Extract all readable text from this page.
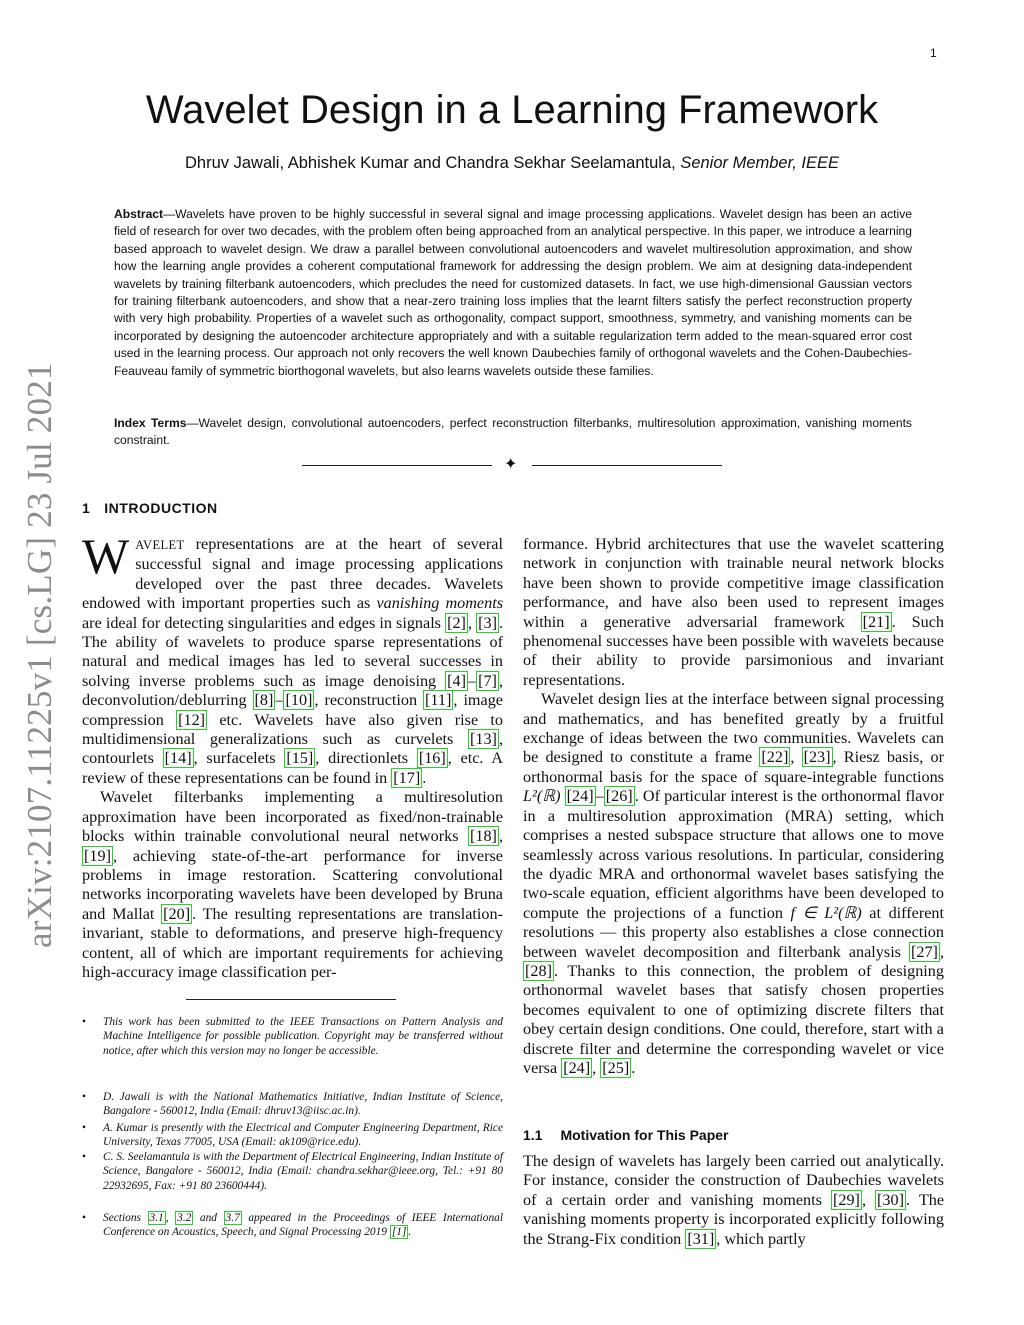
1
Wavelet Design in a Learning Framework
Dhruv Jawali, Abhishek Kumar and Chandra Sekhar Seelamantula, Senior Member, IEEE
arXiv:2107.11225v1 [cs.LG] 23 Jul 2021
Abstract—Wavelets have proven to be highly successful in several signal and image processing applications. Wavelet design has been an active field of research for over two decades, with the problem often being approached from an analytical perspective. In this paper, we introduce a learning based approach to wavelet design. We draw a parallel between convolutional autoencoders and wavelet multiresolution approximation, and show how the learning angle provides a coherent computational framework for addressing the design problem. We aim at designing data-independent wavelets by training filterbank autoencoders, which precludes the need for customized datasets. In fact, we use high-dimensional Gaussian vectors for training filterbank autoencoders, and show that a near-zero training loss implies that the learnt filters satisfy the perfect reconstruction property with very high probability. Properties of a wavelet such as orthogonality, compact support, smoothness, symmetry, and vanishing moments can be incorporated by designing the autoencoder architecture appropriately and with a suitable regularization term added to the mean-squared error cost used in the learning process. Our approach not only recovers the well known Daubechies family of orthogonal wavelets and the Cohen-Daubechies-Feauveau family of symmetric biorthogonal wavelets, but also learns wavelets outside these families.
Index Terms—Wavelet design, convolutional autoencoders, perfect reconstruction filterbanks, multiresolution approximation, vanishing moments constraint.
✦
1 INTRODUCTION

WAVELET representations are at the heart of several successful signal and image processing applications developed over the past three decades. Wavelets endowed with important properties such as vanishing moments are ideal for detecting singularities and edges in signals [2] , [3] . The ability of wavelets to produce sparse representations of natural and medical images has led to several successes in solving inverse problems such as image denoising [4] – [7] , deconvolution/deblurring [8] – [10] , reconstruction [11] , image compression [12] etc. Wavelets have also given rise to multidimensional generalizations such as curvelets [13] , contourlets [14] , surfacelets [15] , directionlets [16] , etc. A review of these representations can be found in [17] .

Wavelet filterbanks implementing a multiresolution approximation have been incorporated as fixed/non-trainable blocks within trainable convolutional neural networks [18] , [19] , achieving state-of-the-art performance for inverse problems in image restoration. Scattering convolutional networks incorporating wavelets have been developed by Bruna and Mallat [20] . The resulting representations are translation-invariant, stable to deformations, and preserve high-frequency content, all of which are important requirements for achieving high-accuracy image classification per-

formance. Hybrid architectures that use the wavelet scattering network in conjunction with trainable neural network blocks have been shown to provide competitive image classification performance, and have also been used to represent images within a generative adversarial framework [21] . Such phenomenal successes have been possible with wavelets because of their ability to provide parsimonious and invariant representations.

Wavelet design lies at the interface between signal processing and mathematics, and has benefited greatly by a fruitful exchange of ideas between the two communities. Wavelets can be designed to constitute a frame [22] , [23] , Riesz basis, or orthonormal basis for the space of square-integrable functions L²(ℝ) [24] – [26] . Of particular interest is the orthonormal flavor in a multiresolution approximation (MRA) setting, which comprises a nested subspace structure that allows one to move seamlessly across various resolutions. In particular, considering the dyadic MRA and orthonormal wavelet bases satisfying the two-scale equation, efficient algorithms have been developed to compute the projections of a function f ∈ L²(ℝ) at different resolutions — this property also establishes a close connection between wavelet decomposition and filterbank analysis [27] , [28] . Thanks to this connection, the problem of designing orthonormal wavelet bases that satisfy chosen properties becomes equivalent to one of optimizing discrete filters that obey certain design conditions. One could, therefore, start with a discrete filter and determine the corresponding wavelet or vice versa [24] , [25] .

1.1 Motivation for This Paper

The design of wavelets has largely been carried out analytically. For instance, consider the construction of Daubechies wavelets of a certain order and vanishing moments [29] , [30] . The vanishing moments property is incorporated explicitly following the Strang-Fix condition [31] , which partly

• This work has been submitted to the IEEE Transactions on Pattern Analysis and Machine Intelligence for possible publication. Copyright may be transferred without notice, after which this version may no longer be accessible.
• D. Jawali is with the National Mathematics Initiative, Indian Institute of Science, Bangalore - 560012, India (Email: dhruv13@iisc.ac.in).
• A. Kumar is presently with the Electrical and Computer Engineering Department, Rice University, Texas 77005, USA (Email: ak109@rice.edu).
• C. S. Seelamantula is with the Department of Electrical Engineering, Indian Institute of Science, Bangalore - 560012, India (Email: chandra.sekhar@ieee.org, Tel.: +91 80 22932695, Fax: +91 80 23600444).
• Sections 3.1 , 3.2 and 3.7 appeared in the Proceedings of IEEE International Conference on Acoustics, Speech, and Signal Processing 2019 [1] .
